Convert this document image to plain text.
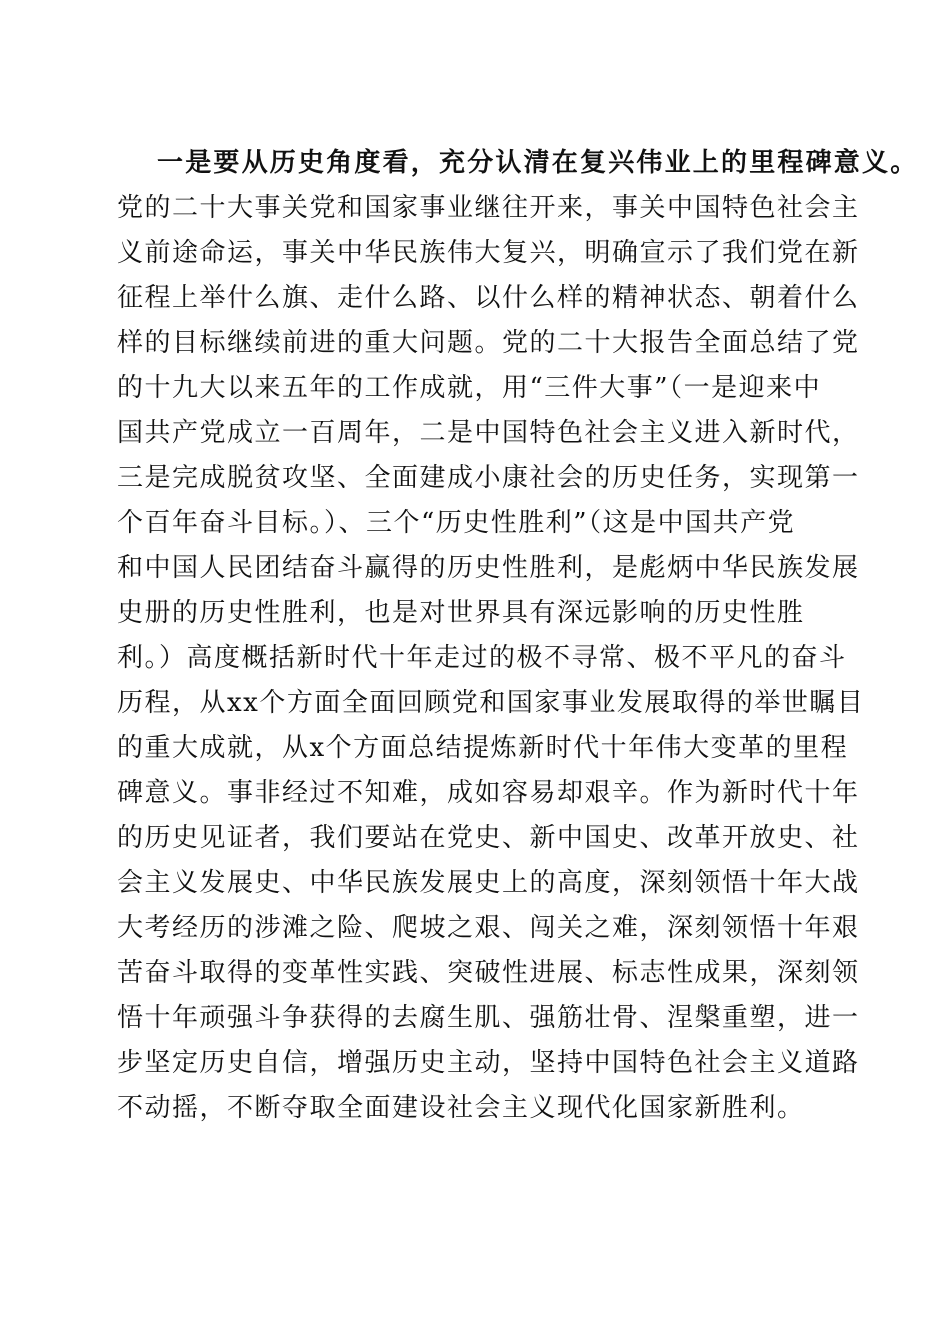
一是要从历史角度看，充分认清在复兴伟业上的里程碑意义。
党的二十大事关党和国家事业继往开来，事关中国特色社会主
义前途命运，事关中华民族伟大复兴，明确宣示了我们党在新
征程上举什么旗、走什么路、以什么样的精神状态、朝着什么
样的目标继续前进的重大问题。党的二十大报告全面总结了党
的十九大以来五年的工作成就，用“三件大事”（一是迎来中
国共产党成立一百周年，二是中国特色社会主义进入新时代，
三是完成脱贫攻坚、全面建成小康社会的历史任务，实现第一
个百年奋斗目标。）、三个“历史性胜利”（这是中国共产党
和中国人民团结奋斗赢得的历史性胜利，是彪炳中华民族发展
史册的历史性胜利，也是对世界具有深远影响的历史性胜
利。）高度概括新时代十年走过的极不寻常、极不平凡的奋斗
历程，从xx个方面全面回顾党和国家事业发展取得的举世瞩目
的重大成就，从x个方面总结提炼新时代十年伟大变革的里程
碑意义。事非经过不知难，成如容易却艰辛。作为新时代十年
的历史见证者，我们要站在党史、新中国史、改革开放史、社
会主义发展史、中华民族发展史上的高度，深刻领悟十年大战
大考经历的涉滩之险、爬坡之艰、闯关之难，深刻领悟十年艰
苦奋斗取得的变革性实践、突破性进展、标志性成果，深刻领
悟十年顽强斗争获得的去腐生肌、强筋壮骨、涅槃重塑，进一
步坚定历史自信，增强历史主动，坚持中国特色社会主义道路
不动摇，不断夺取全面建设社会主义现代化国家新胜利。
